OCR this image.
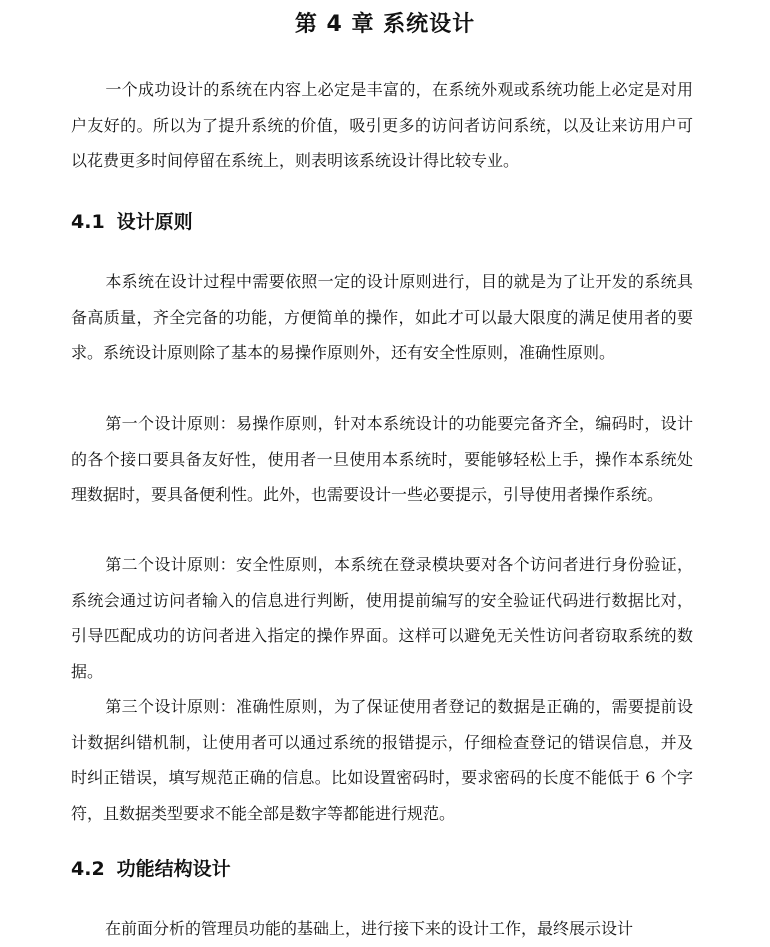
第 4 章 系统设计

一个成功设计的系统在内容上必定是丰富的，在系统外观或系统功能上必定是对用户友好的。所以为了提升系统的价值，吸引更多的访问者访问系统，以及让来访用户可以花费更多时间停留在系统上，则表明该系统设计得比较专业。

4.1 设计原则

本系统在设计过程中需要依照一定的设计原则进行，目的就是为了让开发的系统具备高质量，齐全完备的功能，方便简单的操作，如此才可以最大限度的满足使用者的要求。系统设计原则除了基本的易操作原则外，还有安全性原则，准确性原则。

第一个设计原则：易操作原则，针对本系统设计的功能要完备齐全，编码时，设计的各个接口要具备友好性，使用者一旦使用本系统时，要能够轻松上手，操作本系统处理数据时，要具备便利性。此外，也需要设计一些必要提示，引导使用者操作系统。

第二个设计原则：安全性原则，本系统在登录模块要对各个访问者进行身份验证，系统会通过访问者输入的信息进行判断，使用提前编写的安全验证代码进行数据比对，引导匹配成功的访问者进入指定的操作界面。这样可以避免无关性访问者窃取系统的数据。

第三个设计原则：准确性原则，为了保证使用者登记的数据是正确的，需要提前设计数据纠错机制，让使用者可以通过系统的报错提示，仔细检查登记的错误信息，并及时纠正错误，填写规范正确的信息。比如设置密码时，要求密码的长度不能低于 6 个字符，且数据类型要求不能全部是数字等都能进行规范。

4.2 功能结构设计

在前面分析的管理员功能的基础上，进行接下来的设计工作，最终展示设计
